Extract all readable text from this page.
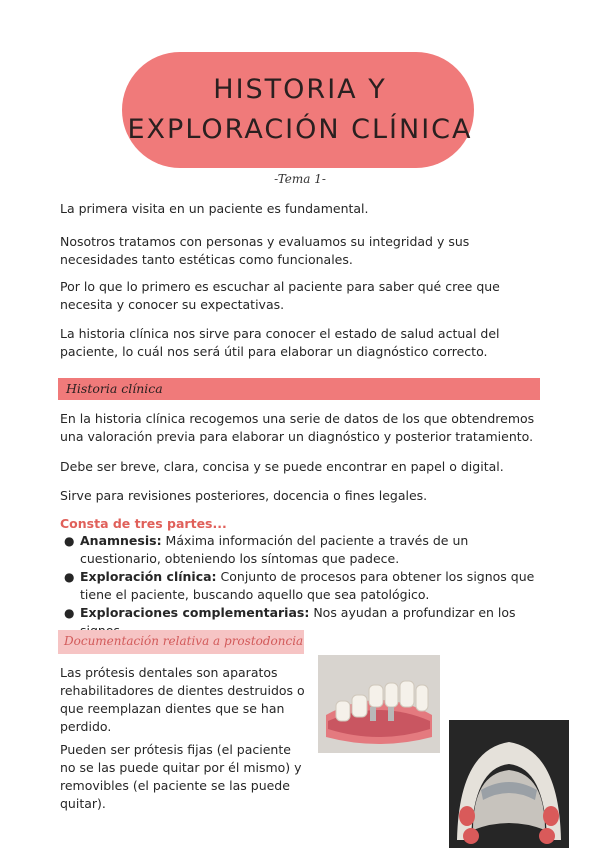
HISTORIA Y
EXPLORACIÓN CLÍNICA
-Tema 1-
La primera visita en un paciente es fundamental.
Nosotros tratamos con personas y evaluamos su integridad y sus necesidades tanto estéticas como funcionales.
Por lo que lo primero es escuchar al paciente para saber qué cree que necesita y conocer su expectativas.
La historia clínica nos sirve para conocer el estado de salud actual del paciente, lo cuál nos será útil para elaborar un diagnóstico correcto.
Historia clínica
En la historia clínica recogemos una serie de datos de los que obtendremos una valoración previa para elaborar un diagnóstico y posterior tratamiento.
Debe ser breve, clara, concisa y se puede encontrar en papel o digital.
Sirve para revisiones posteriores, docencia o fines legales.
Consta de tres partes...
● Anamnesis: Máxima información del paciente a través de un cuestionario, obteniendo los síntomas que padece.
● Exploración clínica: Conjunto de procesos para obtener los signos que tiene el paciente, buscando aquello que sea patológico.
● Exploraciones complementarias: Nos ayudan a profundizar en los
Documentación relativa a prostodoncia
Las prótesis dentales son aparatos rehabilitadores de dientes destruidos o que reemplazan dientes que se han perdido.
Pueden ser prótesis fijas (el paciente no se las puede quitar por él mismo) y removibles (el paciente se las puede quitar).
